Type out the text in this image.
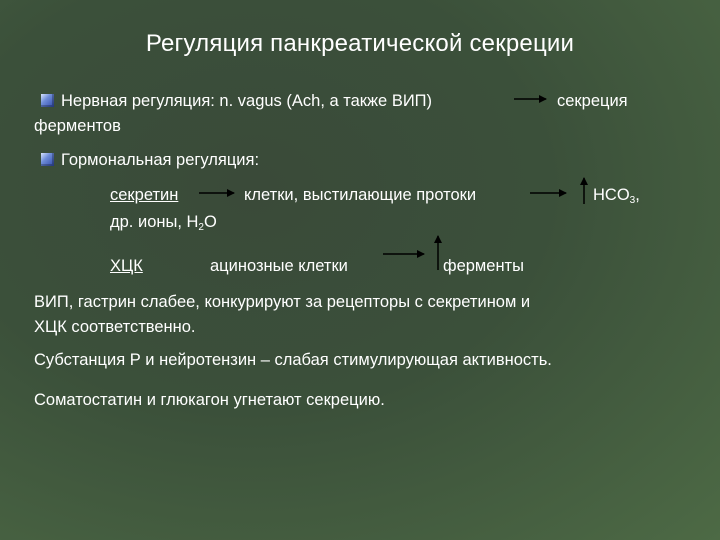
Регуляция панкреатической секреции
Нервная регуляция: n. vagus (Ach, а также ВИП)	секреция
ферментов
Гормональная регуляция:
секретин	клетки, выстилающие протоки	$HCO_3$,
др. ионы, $H_2O$
ХЦК	ацинозные клетки	ферменты
ВИП, гастрин слабее, конкурируют за рецепторы с секретином и
ХЦК соответственно.
Субстанция Р и нейротензин – слабая стимулирующая активность.
Соматостатин и глюкагон угнетают секрецию.
